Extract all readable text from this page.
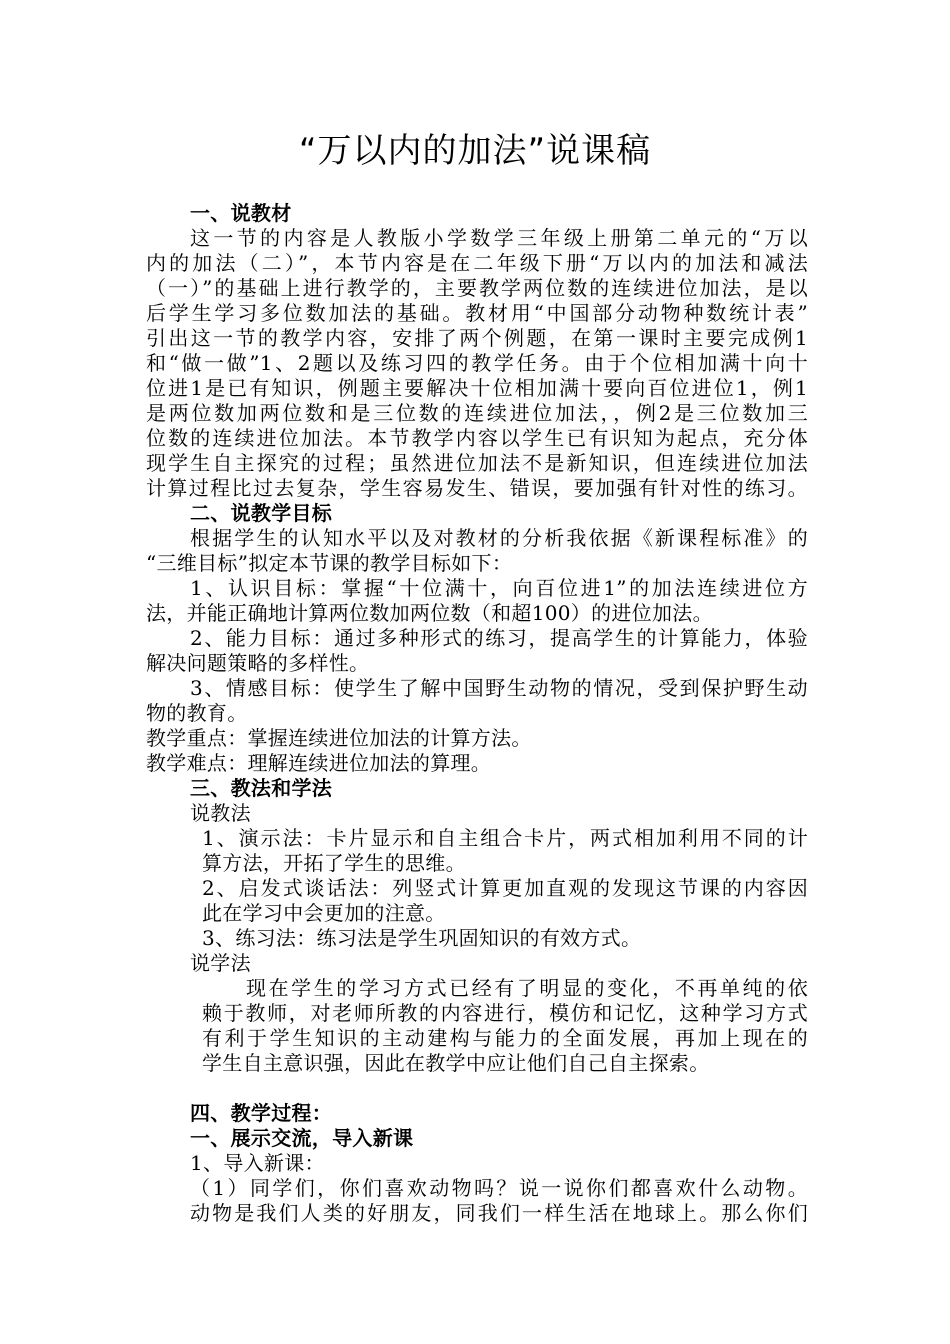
“万以内的加法”说课稿
一、说教材
这一节的内容是人教版小学数学三年级上册第二单元的“万以
内的加法（二）”，本节内容是在二年级下册“万以内的加法和减法
（一）”的基础上进行教学的，主要教学两位数的连续进位加法，是以
后学生学习多位数加法的基础。教材用“中国部分动物种数统计表”
引出这一节的教学内容，安排了两个例题，在第一课时主要完成例1
和“做一做”1、2题以及练习四的教学任务。由于个位相加满十向十
位进1是已有知识，例题主要解决十位相加满十要向百位进位1，例1
是两位数加两位数和是三位数的连续进位加法，，例2是三位数加三
位数的连续进位加法。本节教学内容以学生已有识知为起点，充分体
现学生自主探究的过程；虽然进位加法不是新知识，但连续进位加法
计算过程比过去复杂，学生容易发生、错误，要加强有针对性的练习。
二、说教学目标
根据学生的认知水平以及对教材的分析我依据《新课程标准》的
“三维目标”拟定本节课的教学目标如下：
1、认识目标：掌握“十位满十，向百位进1”的加法连续进位方
法，并能正确地计算两位数加两位数（和超100）的进位加法。
2、能力目标：通过多种形式的练习，提高学生的计算能力，体验
解决问题策略的多样性。
3、情感目标：使学生了解中国野生动物的情况，受到保护野生动
物的教育。
教学重点：掌握连续进位加法的计算方法。
教学难点：理解连续进位加法的算理。
三、教法和学法
说教法
1、演示法：卡片显示和自主组合卡片，两式相加利用不同的计
算方法，开拓了学生的思维。
2、启发式谈话法：列竖式计算更加直观的发现这节课的内容因
此在学习中会更加的注意。
3、练习法：练习法是学生巩固知识的有效方式。
说学法
现在学生的学习方式已经有了明显的变化，不再单纯的依
赖于教师，对老师所教的内容进行，模仿和记忆，这种学习方式
有利于学生知识的主动建构与能力的全面发展，再加上现在的
学生自主意识强，因此在教学中应让他们自己自主探索。
四、教学过程：
一、展示交流，导入新课
1、导入新课：
（1）同学们，你们喜欢动物吗？说一说你们都喜欢什么动物。
动物是我们人类的好朋友，同我们一样生活在地球上。那么你们
